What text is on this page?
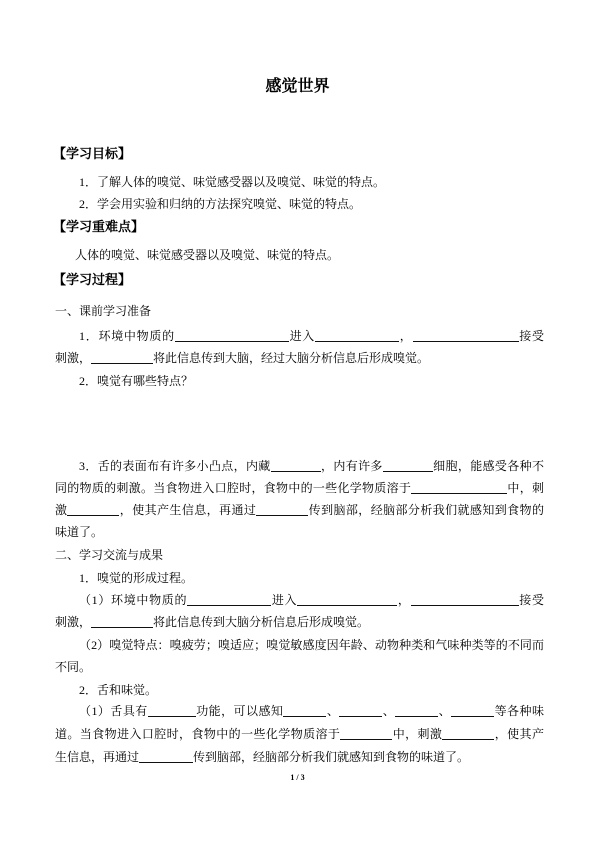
感觉世界
【学习目标】
1．了解人体的嗅觉、味觉感受器以及嗅觉、味觉的特点。
2．学会用实验和归纳的方法探究嗅觉、味觉的特点。
【学习重难点】
人体的嗅觉、味觉感受器以及嗅觉、味觉的特点。
【学习过程】
一、课前学习准备
1．环境中物质的	进入	，	接受
刺激，	将此信息传到大脑，经过大脑分析信息后形成嗅觉。
2．嗅觉有哪些特点？
3．舌的表面布有许多小凸点，内藏	，内有许多	细胞，能感受各种不
同的物质的刺激。当食物进入口腔时，食物中的一些化学物质溶于	中，刺
激	，使其产生信息，再通过	传到脑部，经脑部分析我们就感知到食物的
味道了。
二、学习交流与成果
1．嗅觉的形成过程。
（1）环境中物质的	进入	，	接受
刺激，	将此信息传到大脑分析信息后形成嗅觉。
（2）嗅觉特点：嗅疲劳；嗅适应；嗅觉敏感度因年龄、动物种类和气味种类等的不同而
不同。
2．舌和味觉。
（1）舌具有	功能，可以感知	、	、	、	等各种味
道。当食物进入口腔时，食物中的一些化学物质溶于	中，刺激	，使其产
生信息，再通过	传到脑部，经脑部分析我们就感知到食物的味道了。
1 / 3
